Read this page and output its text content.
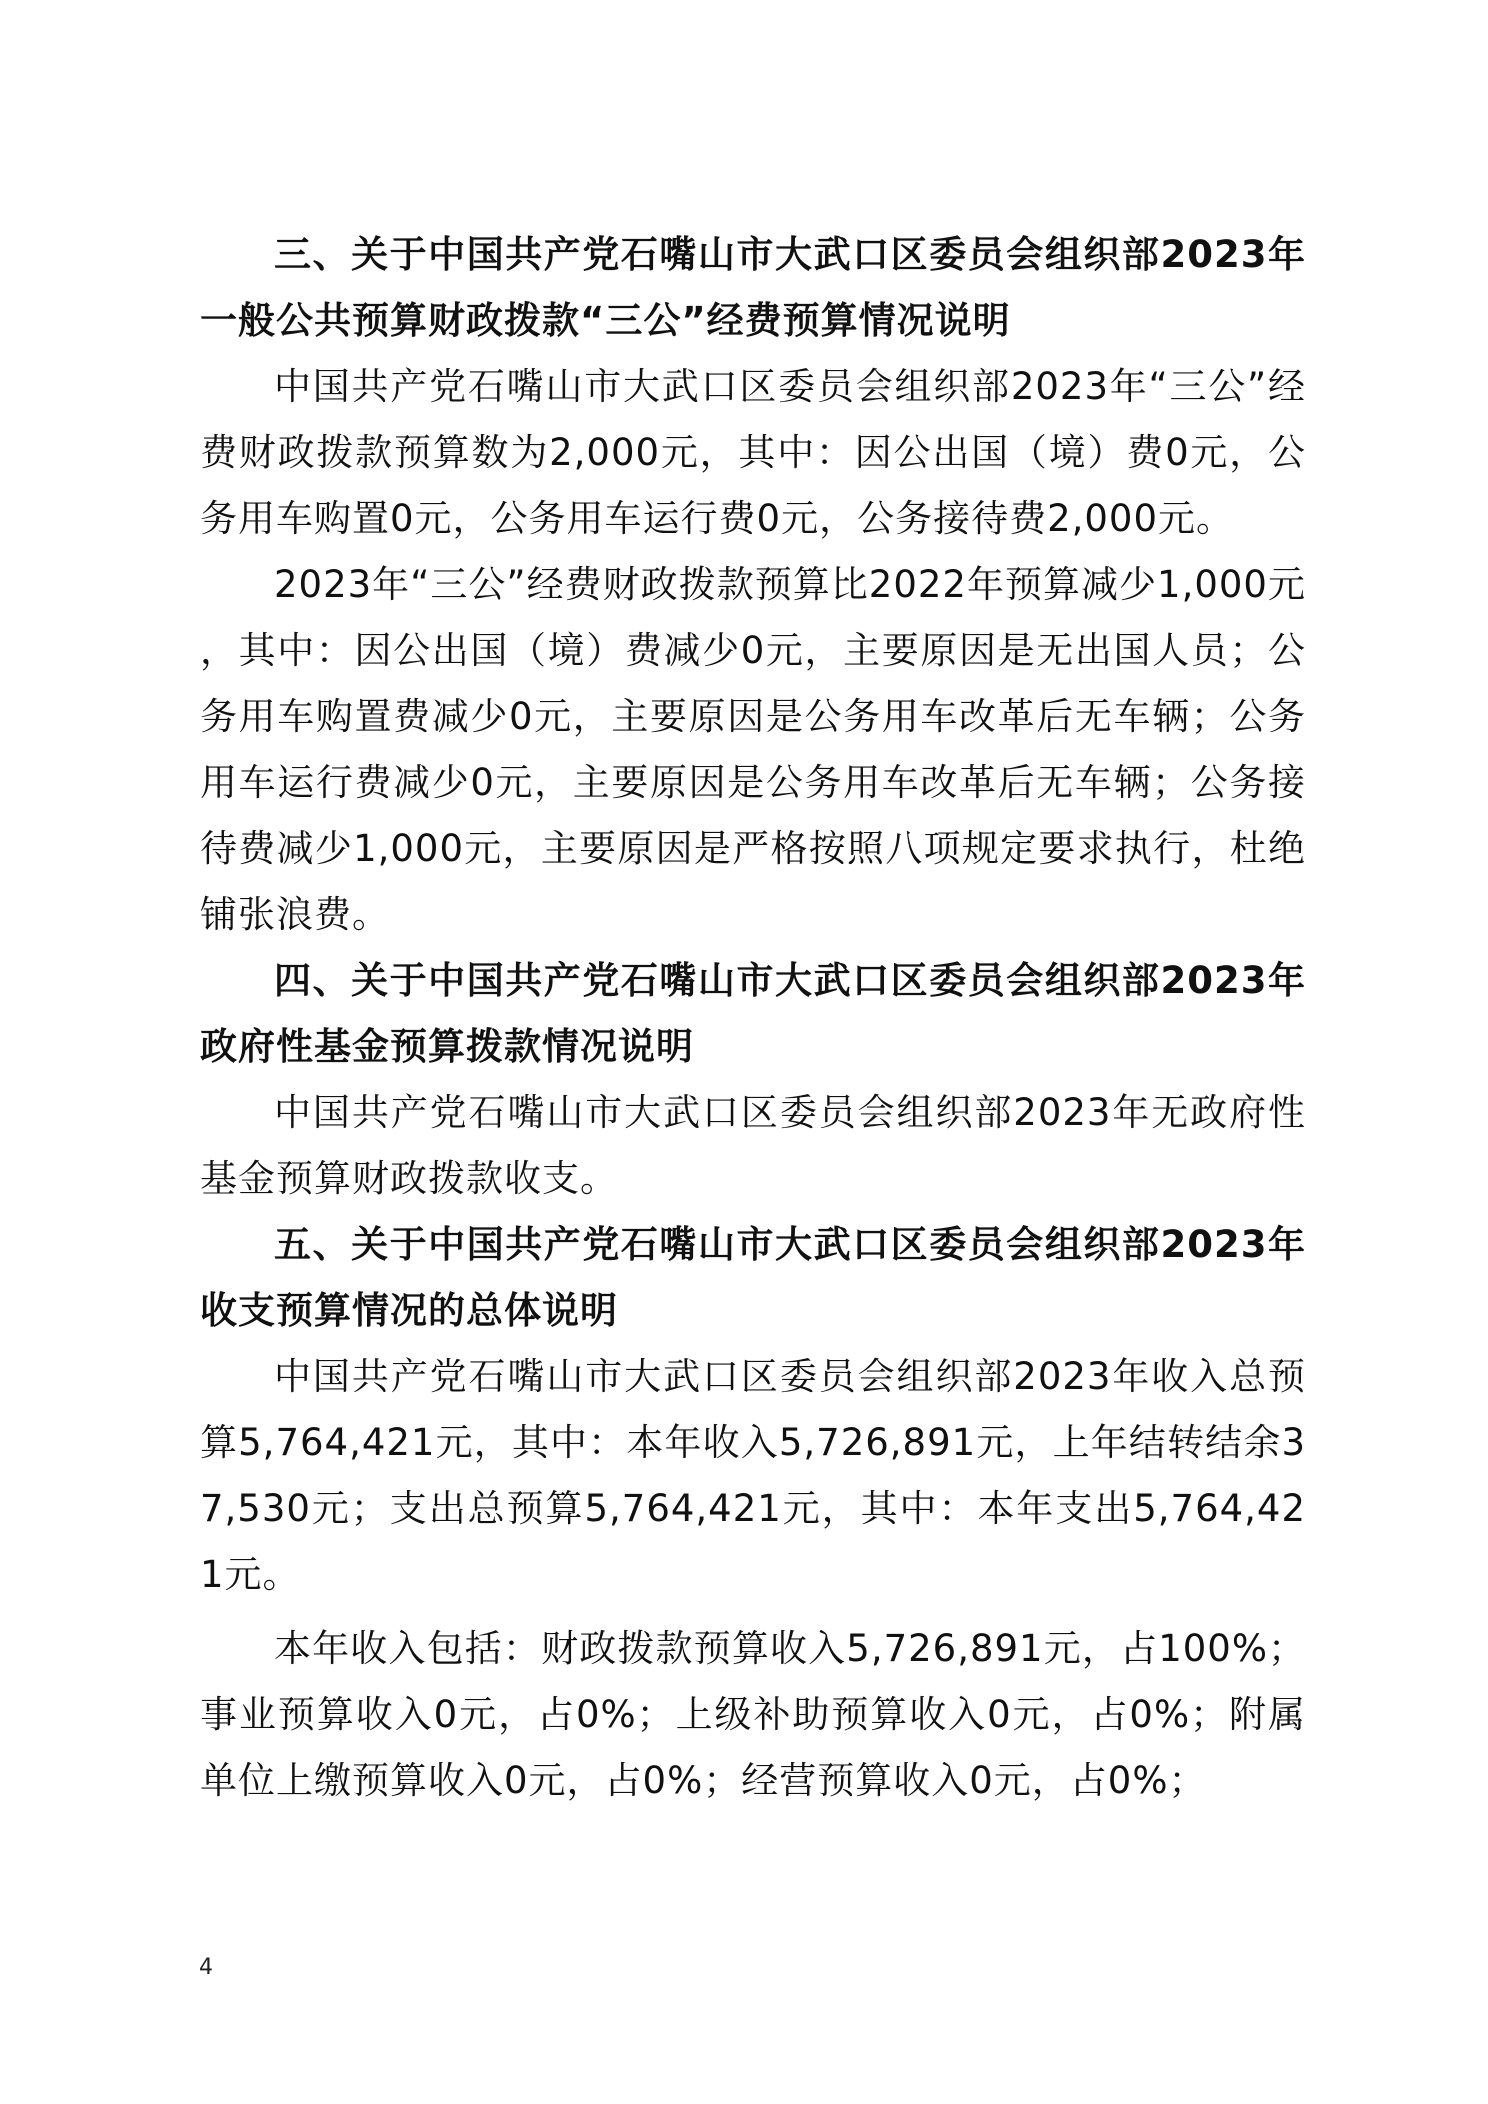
三、关于中国共产党石嘴山市大武口区委员会组织部2023年一般公共预算财政拨款“三公”经费预算情况说明

中国共产党石嘴山市大武口区委员会组织部2023年“三公”经费财政拨款预算数为2,000元，其中：因公出国（境）费0元，公务用车购置0元，公务用车运行费0元，公务接待费2,000元。

2023年“三公”经费财政拨款预算比2022年预算减少1,000元，其中：因公出国（境）费减少0元，主要原因是无出国人员；公务用车购置费减少0元，主要原因是公务用车改革后无车辆；公务用车运行费减少0元，主要原因是公务用车改革后无车辆；公务接待费减少1,000元，主要原因是严格按照八项规定要求执行，杜绝铺张浪费。

四、关于中国共产党石嘴山市大武口区委员会组织部2023年政府性基金预算拨款情况说明

中国共产党石嘴山市大武口区委员会组织部2023年无政府性基金预算财政拨款收支。

五、关于中国共产党石嘴山市大武口区委员会组织部2023年收支预算情况的总体说明

中国共产党石嘴山市大武口区委员会组织部2023年收入总预算5,764,421元，其中：本年收入5,726,891元，上年结转结余37,530元；支出总预算5,764,421元，其中：本年支出5,764,421元。

本年收入包括：财政拨款预算收入5,726,891元，占100%；事业预算收入0元，占0%；上级补助预算收入0元，占0%；附属单位上缴预算收入0元，占0%；经营预算收入0元，占0%；

4
